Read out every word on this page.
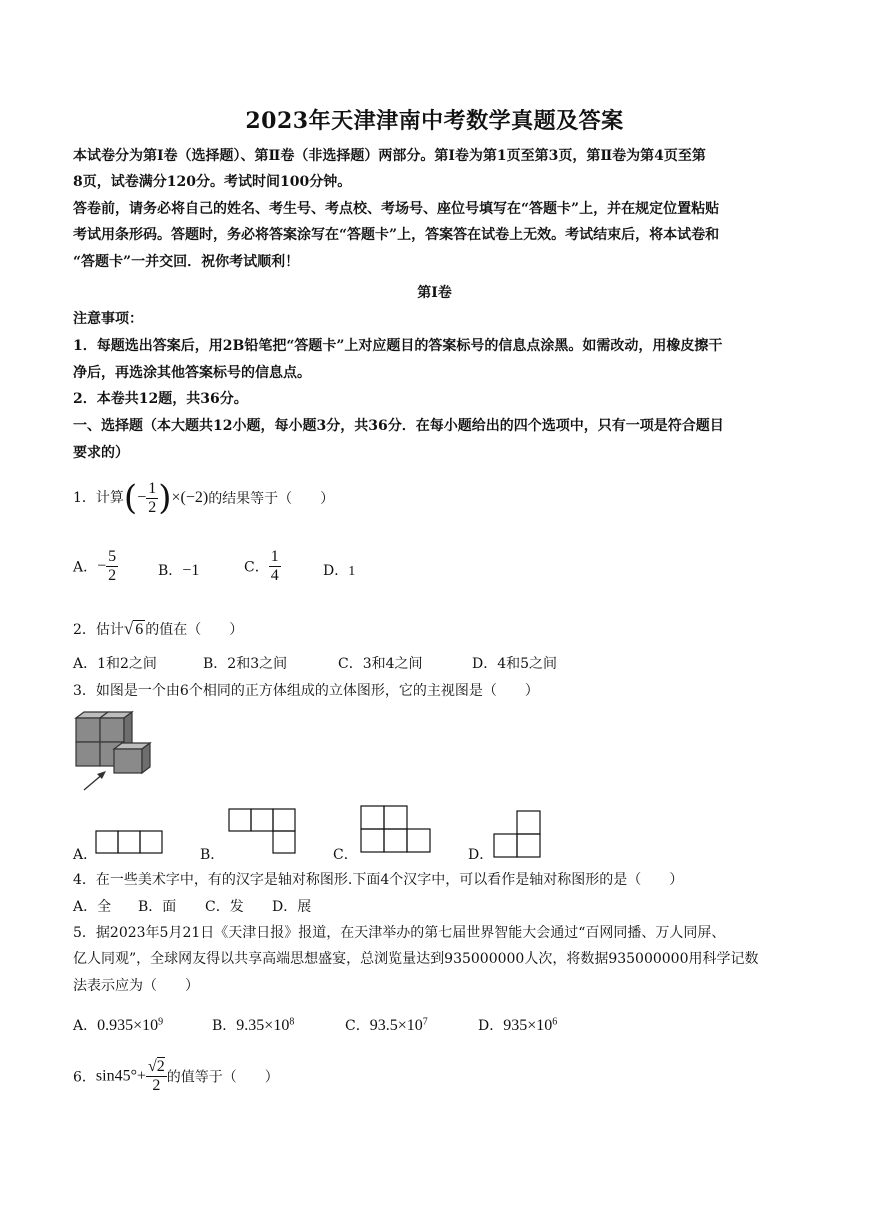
2023年天津津南中考数学真题及答案
本试卷分为第Ⅰ卷（选择题）、第Ⅱ卷（非选择题）两部分。第Ⅰ卷为第1页至第3页，第Ⅱ卷为第4页至第
8页，试卷满分120分。考试时间100分钟。
答卷前，请务必将自己的姓名、考生号、考点校、考场号、座位号填写在“答题卡”上，并在规定位置粘贴
考试用条形码。答题时，务必将答案涂写在“答题卡”上，答案答在试卷上无效。考试结束后，将本试卷和
“答题卡”一并交回．祝你考试顺利！
第Ⅰ卷
注意事项：
1．每题选出答案后，用2B铅笔把“答题卡”上对应题目的答案标号的信息点涂黑。如需改动，用橡皮擦干
净后，再选涂其他答案标号的信息点。
2．本卷共12题，共36分。
一、选择题（本大题共12小题，每小题3分，共36分．在每小题给出的四个选项中，只有一项是符合题目
要求的）
1．计算(− $\frac{1}{2} )\times(-2)$的结果等于（　　）
A．− $\frac{5}{2}$	B．−1	C． $\frac{1}{4}$	D．1
2．估计√ 6 的值在（　　）
A．1和2之间	B．2和3之间	C．3和4之间	D．4和5之间
3．如图是一个由6个相同的正方体组成的立体图形，它的主视图是（　　）
A．	B．	C．	D．
4．在一些美术字中，有的汉字是轴对称图形.下面4个汉字中，可以看作是轴对称图形的是（　　）
A．全 B．面 C．发 D．展
5．据2023年5月21日《天津日报》报道，在天津举办的第七届世界智能大会通过“百网同播、万人同屏、
亿人同观”，全球网友得以共享高端思想盛宴，总浏览量达到935000000人次，将数据935000000用科学记数
法表示应为（　　）
A．$0.935\times 10^9$	B．$9.35\times 10^8$	C．$93.5\times 10^7$	D．$935\times 10^6$
6．$\sin 45^\circ+ \frac{√2}{2}$ 的值等于（　　）
